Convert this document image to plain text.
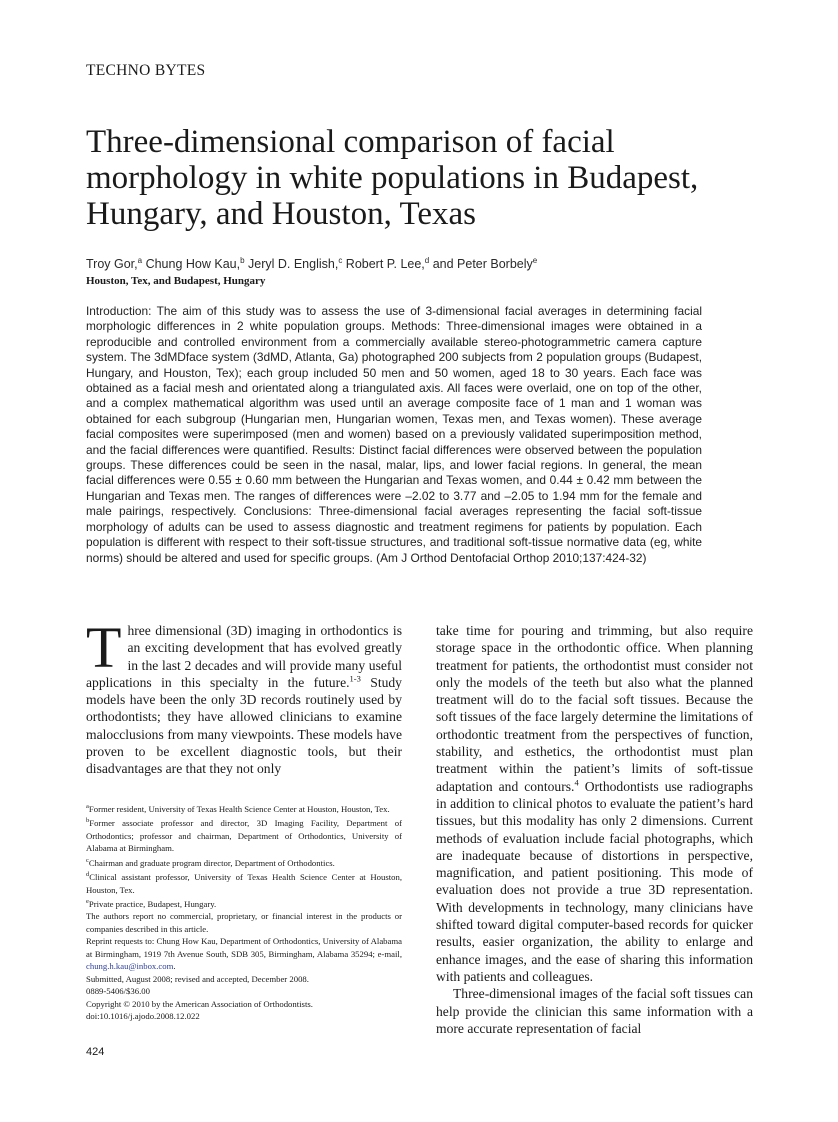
TECHNO BYTES
Three-dimensional comparison of facial morphology in white populations in Budapest, Hungary, and Houston, Texas
Troy Gor,$^a$ Chung How Kau,$^b$ Jeryl D. English,$^c$ Robert P. Lee,$^d$ and Peter Borbely$^e$
Houston, Tex, and Budapest, Hungary

Introduction: The aim of this study was to assess the use of 3-dimensional facial averages in determining facial morphologic differences in 2 white population groups. Methods: Three-dimensional images were obtained in a reproducible and controlled environment from a commercially available stereo-photogrammetric camera capture system. The 3dMDface system (3dMD, Atlanta, Ga) photographed 200 subjects from 2 population groups (Budapest, Hungary, and Houston, Tex); each group included 50 men and 50 women, aged 18 to 30 years. Each face was obtained as a facial mesh and orientated along a triangulated axis. All faces were overlaid, one on top of the other, and a complex mathematical algorithm was used until an average composite face of 1 man and 1 woman was obtained for each subgroup (Hungarian men, Hungarian women, Texas men, and Texas women). These average facial composites were superimposed (men and women) based on a previously validated superimposition method, and the facial differences were quantified. Results: Distinct facial differences were observed between the population groups. These differences could be seen in the nasal, malar, lips, and lower facial regions. In general, the mean facial differences were 0.55 ± 0.60 mm between the Hungarian and Texas women, and 0.44 ± 0.42 mm between the Hungarian and Texas men. The ranges of differences were –2.02 to 3.77 and –2.05 to 1.94 mm for the female and male pairings, respectively. Conclusions: Three-dimensional facial averages representing the facial soft-tissue morphology of adults can be used to assess diagnostic and treatment regimens for patients by population. Each population is different with respect to their soft-tissue structures, and traditional soft-tissue normative data (eg, white norms) should be altered and used for specific groups. (Am J Orthod Dentofacial Orthop 2010;137:424-32)

Three dimensional (3D) imaging in orthodontics is an exciting development that has evolved greatly in the last 2 decades and will provide many useful applications in this specialty in the future.$^{1-3}$ Study models have been the only 3D records routinely used by orthodontists; they have allowed clinicians to examine malocclusions from many viewpoints. These models have proven to be excellent diagnostic tools, but their disadvantages are that they not only

take time for pouring and trimming, but also require storage space in the orthodontic office. When planning treatment for patients, the orthodontist must consider not only the models of the teeth but also what the planned treatment will do to the facial soft tissues. Because the soft tissues of the face largely determine the limitations of orthodontic treatment from the perspectives of function, stability, and esthetics, the orthodontist must plan treatment within the patient’s limits of soft-tissue adaptation and contours.$^4$ Orthodontists use radiographs in addition to clinical photos to evaluate the patient’s hard tissues, but this modality has only 2 dimensions. Current methods of evaluation include facial photographs, which are inadequate because of distortions in perspective, magnification, and patient positioning. This mode of evaluation does not provide a true 3D representation. With developments in technology, many clinicians have shifted toward digital computer-based records for quicker results, easier organization, the ability to enlarge and enhance images, and the ease of sharing this information with patients and colleagues.

Three-dimensional images of the facial soft tissues can help provide the clinician this same information with a more accurate representation of facial

$^a$Former resident, University of Texas Health Science Center at Houston, Houston, Tex.
$^b$Former associate professor and director, 3D Imaging Facility, Department of Orthodontics; professor and chairman, Department of Orthodontics, University of Alabama at Birmingham.
$^c$Chairman and graduate program director, Department of Orthodontics.
$^d$Clinical assistant professor, University of Texas Health Science Center at Houston, Houston, Tex.
$^e$Private practice, Budapest, Hungary.
The authors report no commercial, proprietary, or financial interest in the products or companies described in this article.
Reprint requests to: Chung How Kau, Department of Orthodontics, University of Alabama at Birmingham, 1919 7th Avenue South, SDB 305, Birmingham, Alabama 35294; e-mail, chung.h.kau@inbox.com.
Submitted, August 2008; revised and accepted, December 2008.
0889-5406/$36.00
Copyright © 2010 by the American Association of Orthodontists.
doi:10.1016/j.ajodo.2008.12.022
424
